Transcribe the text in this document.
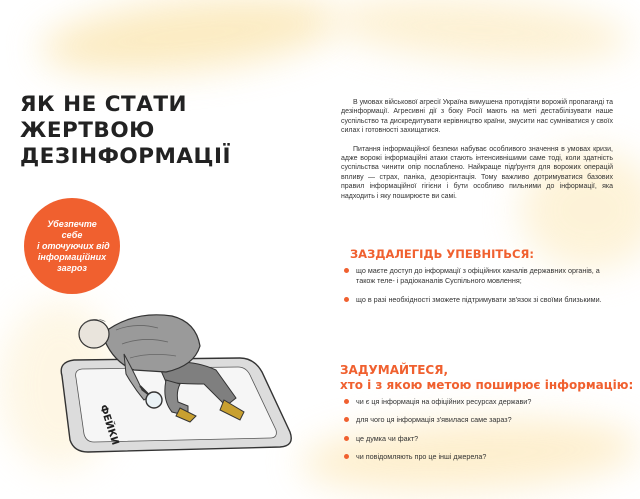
ЯК НЕ СТАТИ
ЖЕРТВОЮ
ДЕЗІНФОРМАЦІЇ
Убезпечте
себе
і оточуючих від
інформаційних
загроз
ФЕЙКИ

В умовах військової агресії Україна вимушена протидіяти ворожій пропаганді та дезінформації. Агресивні дії з боку Росії мають на меті дестабілізувати наше суспільство та дискредитувати керівництво країни, змусити нас сумніватися у своїх силах і готовності захищатися.

Питання інформаційної безпеки набуває особливого значення в умовах кризи, адже ворожі інформаційні атаки стають інтенсивнішими саме тоді, коли здатність суспільства чинити опір послаблено. Найкраще підґрунтя для ворожих операцій впливу — страх, паніка, дезорієнтація. Тому важливо дотримуватися базових правил інформаційної гігієни і бути особливо пильними до інформації, яка надходить і яку поширюєте ви самі.

ЗАЗДАЛЕГІДЬ УПЕВНІТЬСЯ:
що маєте доступ до інформації з офіційних каналів державних органів, а також теле- і радіоканалів Суспільного мовлення;
що в разі необхідності зможете підтримувати зв'язок зі своїми близькими.
ЗАДУМАЙТЕСЯ,
хто і з якою метою поширює інформацію:
чи є ця інформація на офіційних ресурсах держави?
для чого ця інформація з'явилася саме зараз?
це думка чи факт?
чи повідомляють про це інші джерела?
